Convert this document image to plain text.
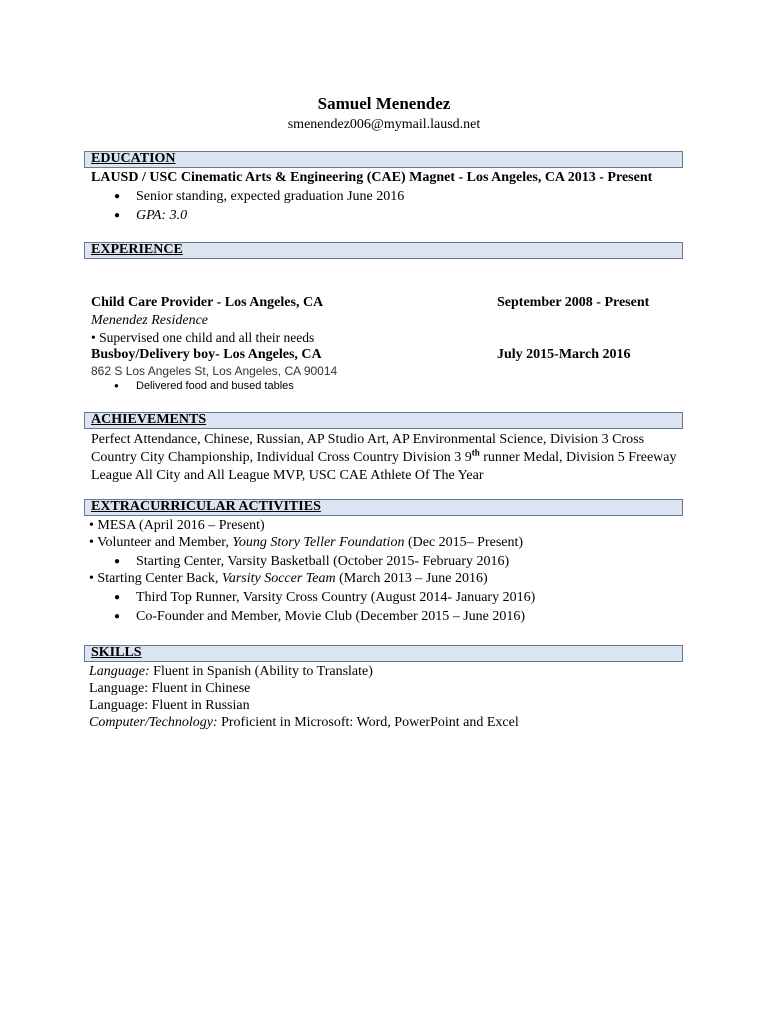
Samuel Menendez
smenendez006@mymail.lausd.net
EDUCATION
LAUSD / USC Cinematic Arts & Engineering (CAE) Magnet - Los Angeles, CA 2013 - Present
● Senior standing, expected graduation June 2016
● GPA: 3.0
EXPERIENCE
Child Care Provider - Los Angeles, CA	September 2008 - Present
Menendez Residence
• Supervised one child and all their needs
Busboy/Delivery boy- Los Angeles, CA	July 2015-March 2016
862 S Los Angeles St, Los Angeles, CA 90014
● Delivered food and bused tables
ACHIEVEMENTS
Perfect Attendance, Chinese, Russian, AP Studio Art, AP Environmental Science, Division 3 Cross Country City Championship, Individual Cross Country Division 3 9th runner Medal, Division 5 Freeway League All City and All League MVP, USC CAE Athlete Of The Year
EXTRACURRICULAR ACTIVITIES
• MESA (April 2016 – Present)
• Volunteer and Member, Young Story Teller Foundation (Dec 2015– Present)
● Starting Center, Varsity Basketball (October 2015- February 2016)
• Starting Center Back, Varsity Soccer Team (March 2013 – June 2016)
● Third Top Runner, Varsity Cross Country (August 2014- January 2016)
● Co-Founder and Member, Movie Club (December 2015 – June 2016)
SKILLS
Language: Fluent in Spanish (Ability to Translate)
Language: Fluent in Chinese
Language: Fluent in Russian
Computer/Technology: Proficient in Microsoft: Word, PowerPoint and Excel
